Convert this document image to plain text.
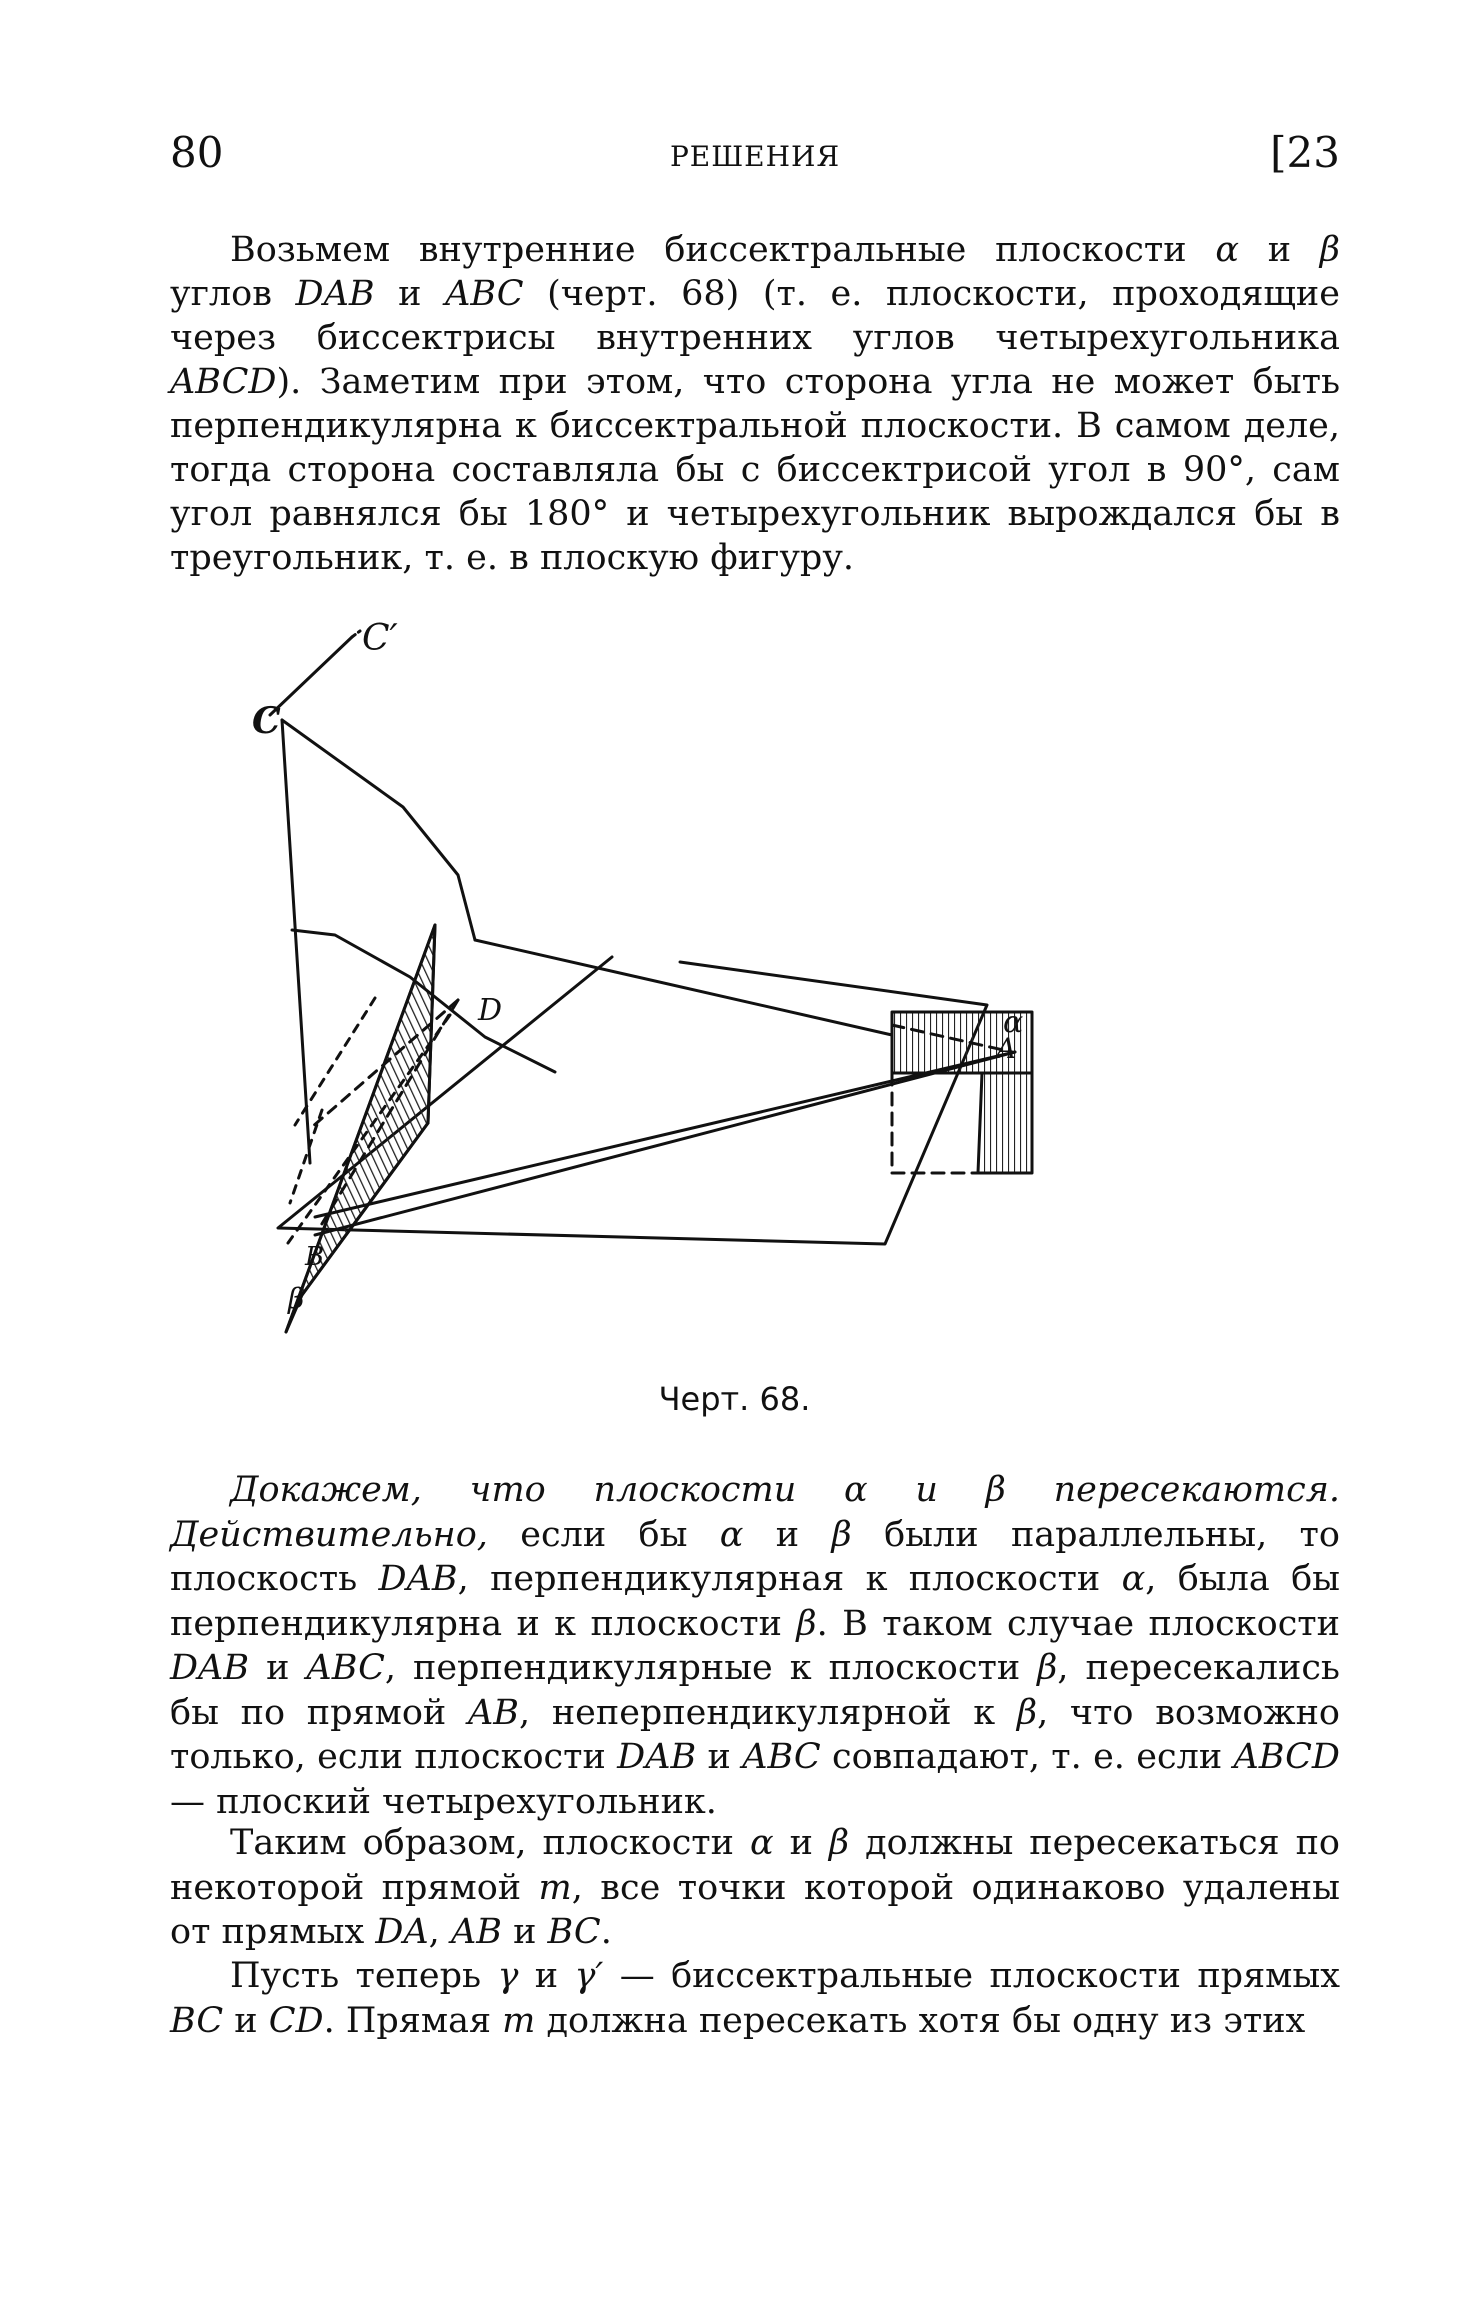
80	РЕШЕНИЯ	[23

Возьмем внутренние биссектральные плоскости α и β углов DAB и ABC (черт. 68) (т. е. плоскости, проходящие через биссектрисы внутренних углов четырехугольника ABCD). Заметим при этом, что сторона угла не может быть перпендикулярна к биссектральной плоскости. В самом деле, тогда сторона составляла бы с биссектрисой угол в 90°, сам угол равнялся бы 180° и четырехугольник вырождался бы в треугольник, т. е. в плоскую фигуру.

C′
C
D
A
α
B
β
Черт. 68.

Докажем, что плоскости α и β пересекаются. Действительно, если бы α и β были параллельны, то плоскость DAB, перпендикулярная к плоскости α, была бы перпендикулярна и к плоскости β. В таком случае плоскости DAB и ABC, перпендикулярные к плоскости β, пересекались бы по прямой AB, неперпендикулярной к β, что возможно только, если плоскости DAB и ABC совпадают, т. е. если ABCD — плоский четырехугольник.

Таким образом, плоскости α и β должны пересекаться по некоторой прямой m, все точки которой одинаково удалены от прямых DA, AB и BC.

Пусть теперь γ и γ′ — биссектральные плоскости прямых BC и CD. Прямая m должна пересекать хотя бы одну из этих
